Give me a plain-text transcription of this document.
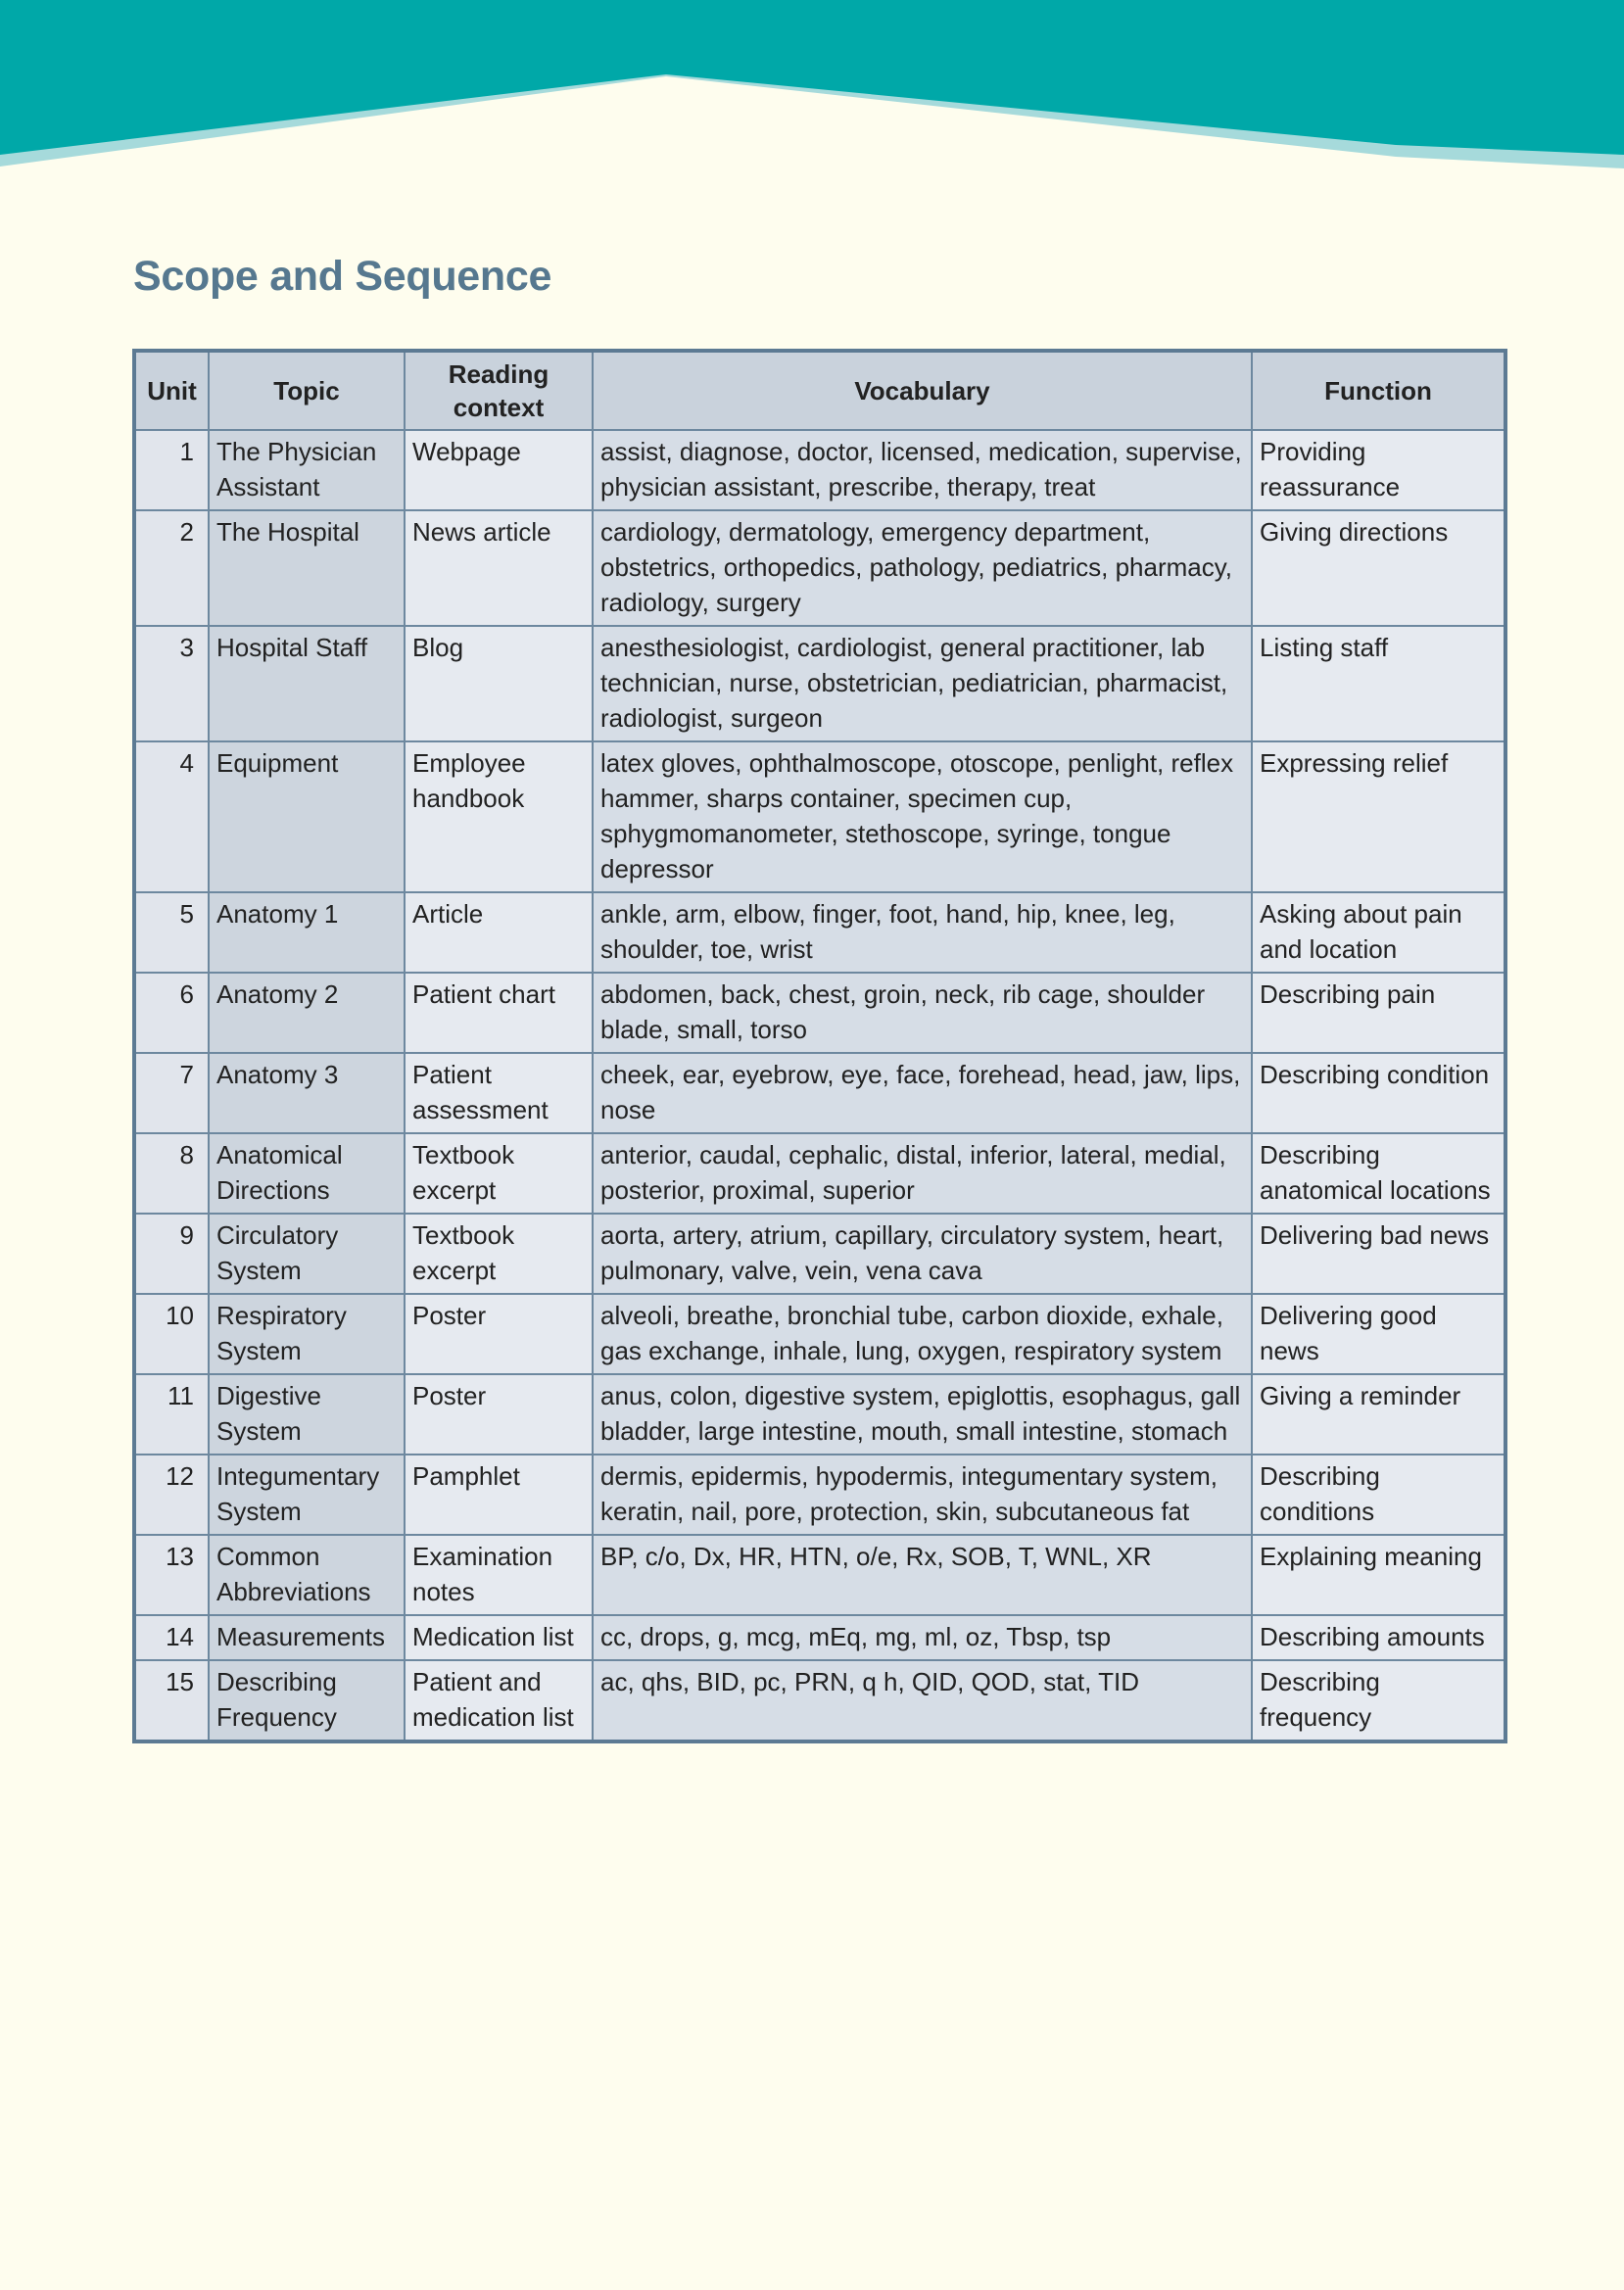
Scope and Sequence
Unit	Topic	Reading context	Vocabulary	Function
1	The Physician Assistant	Webpage	assist, diagnose, doctor, licensed, medication, supervise, physician assistant, prescribe, therapy, treat	Providing reassurance
2	The Hospital	News article	cardiology, dermatology, emergency department, obstetrics, orthopedics, pathology, pediatrics, pharmacy, radiology, surgery	Giving directions
3	Hospital Staff	Blog	anesthesiologist, cardiologist, general practitioner, lab technician, nurse, obstetrician, pediatrician, pharmacist, radiologist, surgeon	Listing staff
4	Equipment	Employee handbook	latex gloves, ophthalmoscope, otoscope, penlight, reflex hammer, sharps container, specimen cup, sphygmomanometer, stethoscope, syringe, tongue depressor	Expressing relief
5	Anatomy 1	Article	ankle, arm, elbow, finger, foot, hand, hip, knee, leg, shoulder, toe, wrist	Asking about pain and location
6	Anatomy 2	Patient chart	abdomen, back, chest, groin, neck, rib cage, shoulder blade, small, torso	Describing pain
7	Anatomy 3	Patient assessment	cheek, ear, eyebrow, eye, face, forehead, head, jaw, lips, nose	Describing condition
8	Anatomical Directions	Textbook excerpt	anterior, caudal, cephalic, distal, inferior, lateral, medial, posterior, proximal, superior	Describing anatomical locations
9	Circulatory System	Textbook excerpt	aorta, artery, atrium, capillary, circulatory system, heart, pulmonary, valve, vein, vena cava	Delivering bad news
10	Respiratory System	Poster	alveoli, breathe, bronchial tube, carbon dioxide, exhale, gas exchange, inhale, lung, oxygen, respiratory system	Delivering good news
11	Digestive System	Poster	anus, colon, digestive system, epiglottis, esophagus, gall bladder, large intestine, mouth, small intestine, stomach	Giving a reminder
12	Integumentary System	Pamphlet	dermis, epidermis, hypodermis, integumentary system, keratin, nail, pore, protection, skin, subcutaneous fat	Describing conditions
13	Common Abbreviations	Examination notes	BP, c/o, Dx, HR, HTN, o/e, Rx, SOB, T, WNL, XR	Explaining meaning
14	Measurements	Medication list	cc, drops, g, mcg, mEq, mg, ml, oz, Tbsp, tsp	Describing amounts
15	Describing Frequency	Patient and medication list	ac, qhs, BID, pc, PRN, q h, QID, QOD, stat, TID	Describing frequency
